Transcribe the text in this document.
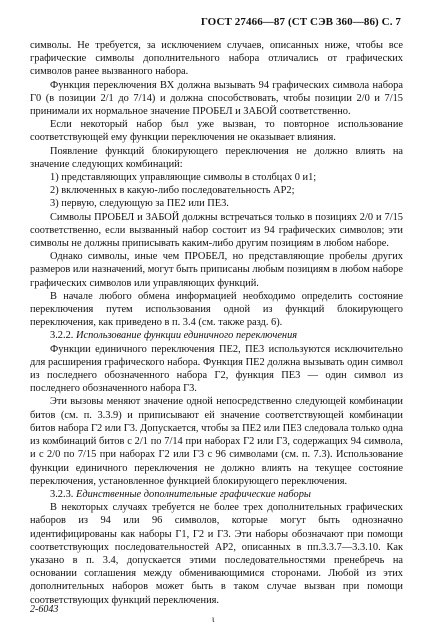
ГОСТ 27466—87 (СТ СЭВ 360—86) С. 7

символы. Не требуется, за исключением случаев, описанных ниже, чтобы все графические символы дополнительного набора отличались от графических символов ранее вызванного набора.

Функция переключения ВХ должна вызывать 94 графических символа набора Г0 (в позиции 2/1 до 7/14) и должна способствовать, чтобы позиции 2/0 и 7/15 принимали их нормальное значение ПРОБЕЛ и ЗАБОЙ соответственно.

Если некоторый набор был уже вызван, то повторное использование соответствующей ему функции переключения не оказывает влияния.

Появление функций блокирующего переключения не должно влиять на значение следующих комбинаций:

1) представляющих управляющие символы в столбцах 0 и1;

2) включенных в какую-либо последовательность АР2;

3) первую, следующую за ПЕ2 или ПЕ3.

Символы ПРОБЕЛ и ЗАБОЙ должны встречаться только в позициях 2/0 и 7/15 соответственно, если вызванный набор состоит из 94 графических символов; эти символы не должны приписывать каким-либо другим позициям в любом наборе.

Однако символы, иные чем ПРОБЕЛ, но представляющие пробелы других размеров или назначений, могут быть приписаны любым позициям в любом наборе графических символов или управляющих функций.

В начале любого обмена информацией необходимо определить состояние переключения путем использования одной из функций блокирующего переключения, как приведено в п. 3.4 (см. также разд. 6).

3.2.2. Использование функции единичного переключения

Функции единичного переключения ПЕ2, ПЕ3 используются исключительно для расширения графического набора. Функция ПЕ2 должна вызывать один символ из последнего обозначенного набора Г2, функция ПЕ3 — один символ из последнего обозначенного набора Г3.

Эти вызовы меняют значение одной непосредственно следующей комбинации битов (см. п. 3.3.9) и приписывают ей значение соответствующей комбинации битов набора Г2 или Г3. Допускается, чтобы за ПЕ2 или ПЕ3 следовала только одна из комбинаций битов с 2/1 по 7/14 при наборах Г2 или Г3, содержащих 94 символа, и с 2/0 по 7/15 при наборах Г2 или Г3 с 96 символами (см. п. 7.3). Использование функции единичного переключения не должно влиять на текущее состояние переключения, установленное функцией блокирующего переключения.

3.2.3. Единственные дополнительные графические наборы

В некоторых случаях требуется не более трех дополнительных графических наборов из 94 или 96 символов, которые могут быть однозначно идентифицированы как наборы Г1, Г2 и Г3. Эти наборы обозначают при помощи соответствующих последовательностей АР2, описанных в пп.3.3.7—3.3.10. Как указано в п. 3.4, допускается этими последовательностями пренебречь на основании соглашения между обменивающимися сторонами. Любой из этих дополнительных наборов может быть в таком случае вызван при помощи соответствующих функций переключения.

2-6043
ι
